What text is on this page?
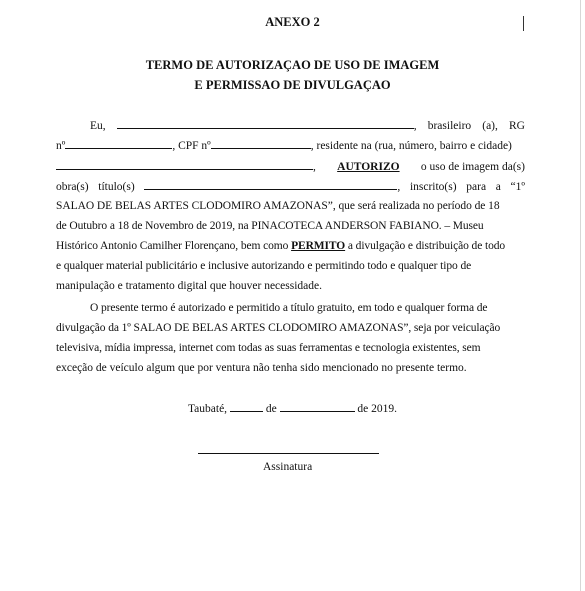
ANEXO 2
TERMO DE AUTORIZAÇAO DE USO DE IMAGEM
E PERMISSAO DE DIVULGAÇAO
Eu,	, brasileiro (a), RG
nº	, CPF nº	, residente na (rua, número, bairro e cidade)
, AUTORIZO o uso de imagem da(s)
obra(s) título(s)	, inscrito(s) para a “1º
SALAO DE BELAS ARTES CLODOMIRO AMAZONAS”, que será realizada no período de 18
de Outubro a 18 de Novembro de 2019, na PINACOTECA ANDERSON FABIANO. – Museu
Histórico Antonio Camilher Florençano, bem como PERMITO a divulgação e distribuição de todo
e qualquer material publicitário e inclusive autorizando e permitindo todo e qualquer tipo de
manipulação e tratamento digital que houver necessidade.
O presente termo é autorizado e permitido a título gratuito, em todo e qualquer forma de
divulgação da 1º SALAO DE BELAS ARTES CLODOMIRO AMAZONAS”, seja por veiculação
televisiva, mídia impressa, internet com todas as suas ferramentas e tecnologia existentes, sem
exceção de veículo algum que por ventura não tenha sido mencionado no presente termo.
Taubaté,	de	de 2019.
Assinatura
